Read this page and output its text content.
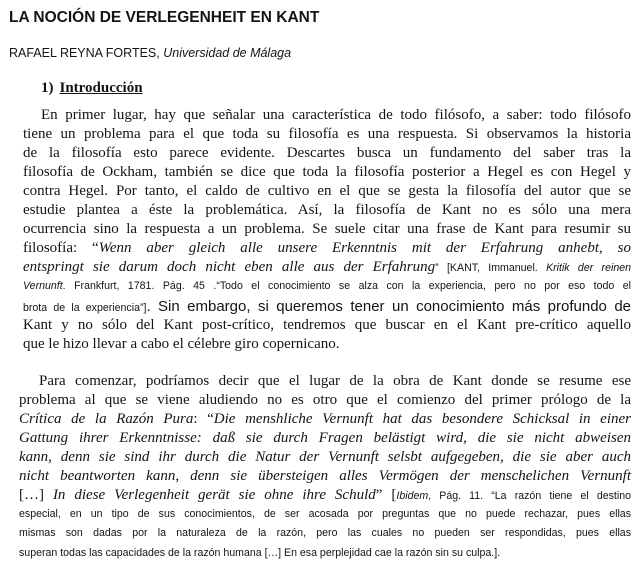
LA NOCIÓN DE VERLEGENHEIT EN KANT
RAFAEL REYNA FORTES, Universidad de Málaga
1) Introducción
En primer lugar, hay que señalar una característica de todo filósofo, a saber: todo filósofo
tiene un problema para el que toda su filosofía es una respuesta. Si observamos la historia
de la filosofía esto parece evidente. Descartes busca un fundamento del saber tras la
filosofía de Ockham, también se dice que toda la filosofía posterior a Hegel es con Hegel y
contra Hegel. Por tanto, el caldo de cultivo en el que se gesta la filosofía del autor que se
estudie plantea a éste la problemática. Así, la filosofía de Kant no es sólo una mera
ocurrencia sino la respuesta a un problema. Se suele citar una frase de Kant para resumir su
filosofía: “Wenn aber gleich alle unsere Erkenntnis mit der Erfahrung anhebt, so
entspringt sie darum doch nicht eben alle aus der Erfahrung” [KANT, Immanuel. Kritik der reinen
Vernunft. Frankfurt, 1781. Pág. 45 .“Todo el conocimiento se alza con la experiencia, pero no por eso todo el
brota de la experiencia”]. Sin embargo, si queremos tener un conocimiento más profundo de
Kant y no sólo del Kant post-crítico, tendremos que buscar en el Kant pre-crítico aquello
que le hizo llevar a cabo el célebre giro copernicano.
Para comenzar, podríamos decir que el lugar de la obra de Kant donde se resume ese
problema al que se viene aludiendo no es otro que el comienzo del primer prólogo de la
Crítica de la Razón Pura: “Die menshliche Vernunft hat das besondere Schicksal in einer
Gattung ihrer Erkenntnisse: daß sie durch Fragen belästigt wird, die sie nicht abweisen
kann, denn sie sind ihr durch die Natur der Vernunft selsbt aufgegeben, die sie aber auch
nicht beantworten kann, denn sie übersteigen alles Vermögen der menschelichen Vernunft
[…] In diese Verlegenheit gerät sie ohne ihre Schuld” [Ibidem, Pág. 11. “La razón tiene el destino
especial, en un tipo de sus conocimientos, de ser acosada por preguntas que no puede rechazar, pues ellas
mismas son dadas por la naturaleza de la razón, pero las cuales no pueden ser respondidas, pues ellas
superan todas las capacidades de la razón humana […] En esa perplejidad cae la razón sin su culpa.].
